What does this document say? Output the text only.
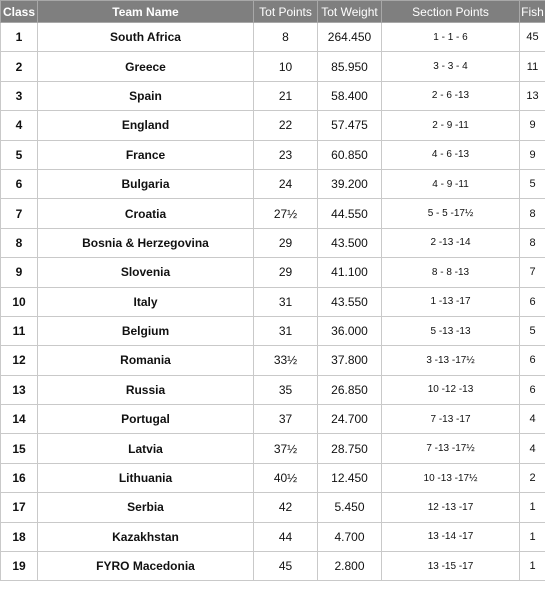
Class	Team Name	Tot Points	Tot Weight	Section Points	Fish
1	South Africa	8	264.450	1 - 1 - 6	45
2	Greece	10	85.950	3 - 3 - 4	11
3	Spain	21	58.400	2 - 6 -13	13
4	England	22	57.475	2 - 9 -11	9
5	France	23	60.850	4 - 6 -13	9
6	Bulgaria	24	39.200	4 - 9 -11	5
7	Croatia	27½	44.550	5 - 5 -17½	8
8	Bosnia & Herzegovina	29	43.500	2 -13 -14	8
9	Slovenia	29	41.100	8 - 8 -13	7
10	Italy	31	43.550	1 -13 -17	6
11	Belgium	31	36.000	5 -13 -13	5
12	Romania	33½	37.800	3 -13 -17½	6
13	Russia	35	26.850	10 -12 -13	6
14	Portugal	37	24.700	7 -13 -17	4
15	Latvia	37½	28.750	7 -13 -17½	4
16	Lithuania	40½	12.450	10 -13 -17½	2
17	Serbia	42	5.450	12 -13 -17	1
18	Kazakhstan	44	4.700	13 -14 -17	1
19	FYRO Macedonia	45	2.800	13 -15 -17	1
